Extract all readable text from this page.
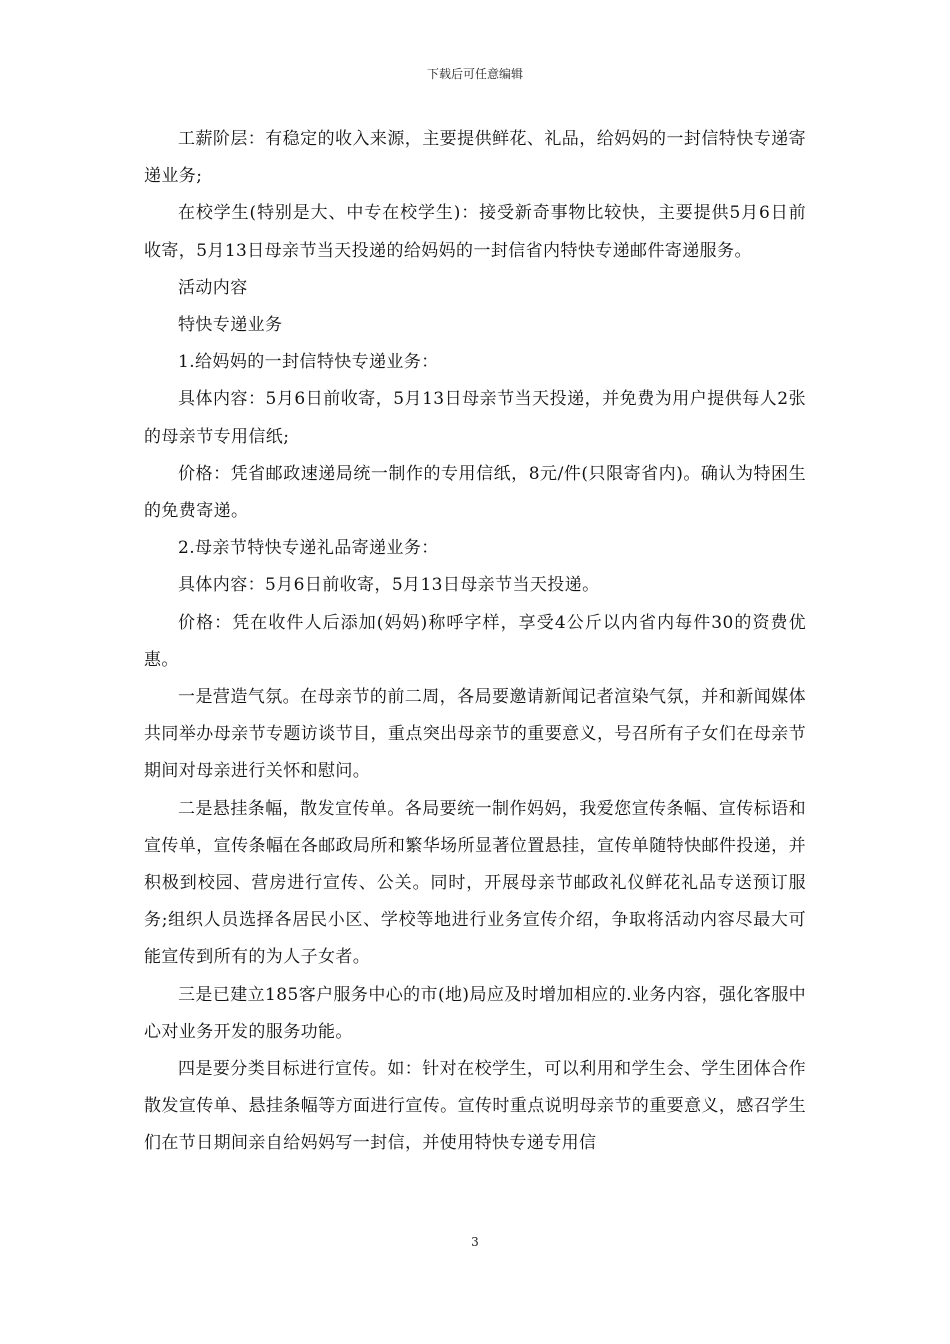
下载后可任意编辑

工薪阶层：有稳定的收入来源，主要提供鲜花、礼品，给妈妈的一封信特快专递寄递业务;

在校学生(特别是大、中专在校学生)：接受新奇事物比较快，主要提供5月6日前收寄，5月13日母亲节当天投递的给妈妈的一封信省内特快专递邮件寄递服务。

活动内容

特快专递业务

1.给妈妈的一封信特快专递业务：

具体内容：5月6日前收寄，5月13日母亲节当天投递，并免费为用户提供每人2张的母亲节专用信纸;

价格：凭省邮政速递局统一制作的专用信纸，8元/件(只限寄省内)。确认为特困生的免费寄递。

2.母亲节特快专递礼品寄递业务：

具体内容：5月6日前收寄，5月13日母亲节当天投递。

价格：凭在收件人后添加(妈妈)称呼字样，享受4公斤以内省内每件30的资费优惠。

一是营造气氛。在母亲节的前二周，各局要邀请新闻记者渲染气氛，并和新闻媒体共同举办母亲节专题访谈节目，重点突出母亲节的重要意义，号召所有子女们在母亲节期间对母亲进行关怀和慰问。

二是悬挂条幅，散发宣传单。各局要统一制作妈妈，我爱您宣传条幅、宣传标语和宣传单，宣传条幅在各邮政局所和繁华场所显著位置悬挂，宣传单随特快邮件投递，并积极到校园、营房进行宣传、公关。同时，开展母亲节邮政礼仪鲜花礼品专送预订服务;组织人员选择各居民小区、学校等地进行业务宣传介绍，争取将活动内容尽最大可能宣传到所有的为人子女者。

三是已建立185客户服务中心的市(地)局应及时增加相应的.业务内容，强化客服中心对业务开发的服务功能。

四是要分类目标进行宣传。如：针对在校学生，可以利用和学生会、学生团体合作散发宣传单、悬挂条幅等方面进行宣传。宣传时重点说明母亲节的重要意义，感召学生们在节日期间亲自给妈妈写一封信，并使用特快专递专用信

3
